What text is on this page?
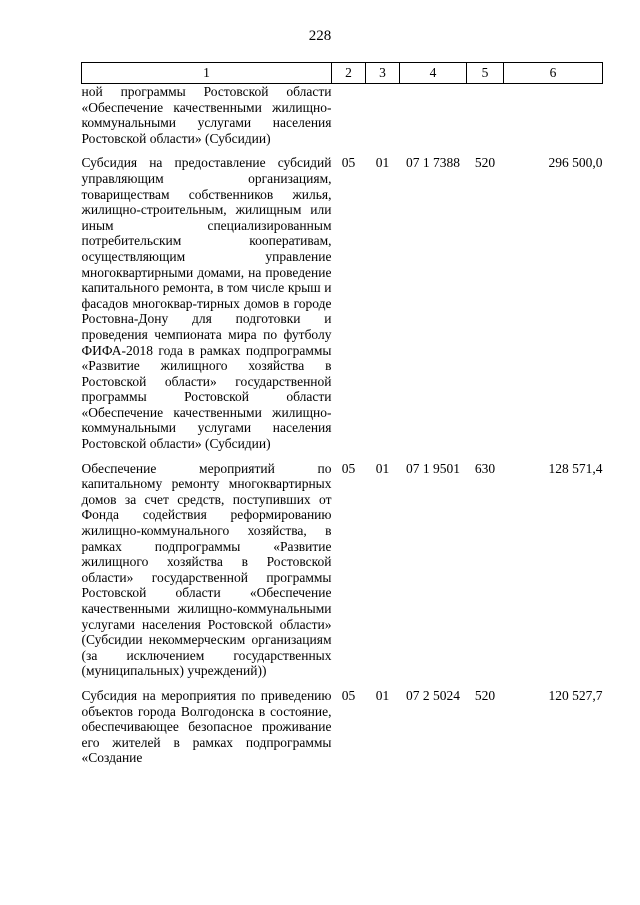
228
1	2	3	4	5	6
ной программы Ростовской области «Обеспечение качественными жилищно-коммунальными услугами населения Ростовской области» (Субсидии)					

Субсидия на предоставление субсидий управляющим организациям, товариществам собственников жилья, жилищно-строительным, жилищным или иным специализированным потребительским кооперативам, осуществляющим управление многоквартирными домами, на проведение капитального ремонта, в том числе крыш и фасадов многоквар-тирных домов в городе Ростовна-Дону для подготовки и проведения чемпионата мира по футболу ФИФА-2018 года в рамках подпрограммы «Развитие жилищного хозяйства в Ростовской области» государственной программы Ростовской области «Обеспечение качественными жилищно-коммунальными услугами населения Ростовской области» (Субсидии)	05	01	07 1 7388	520	296 500,0

Обеспечение мероприятий по капитальному ремонту многоквартирных домов за счет средств, поступивших от Фонда содействия реформированию жилищно-коммунального хозяйства, в рамках подпрограммы «Развитие жилищного хозяйства в Ростовской области» государственной программы Ростовской области «Обеспечение качественными жилищно-коммунальными услугами населения Ростовской области» (Субсидии некоммерческим организациям (за исключением государственных (муниципальных) учреждений))	05	01	07 1 9501	630	128 571,4

Субсидия на мероприятия по приведению объектов города Волгодонска в состояние, обеспечивающее безопасное проживание его жителей в рамках подпрограммы «Создание	05	01	07 2 5024	520	120 527,7
